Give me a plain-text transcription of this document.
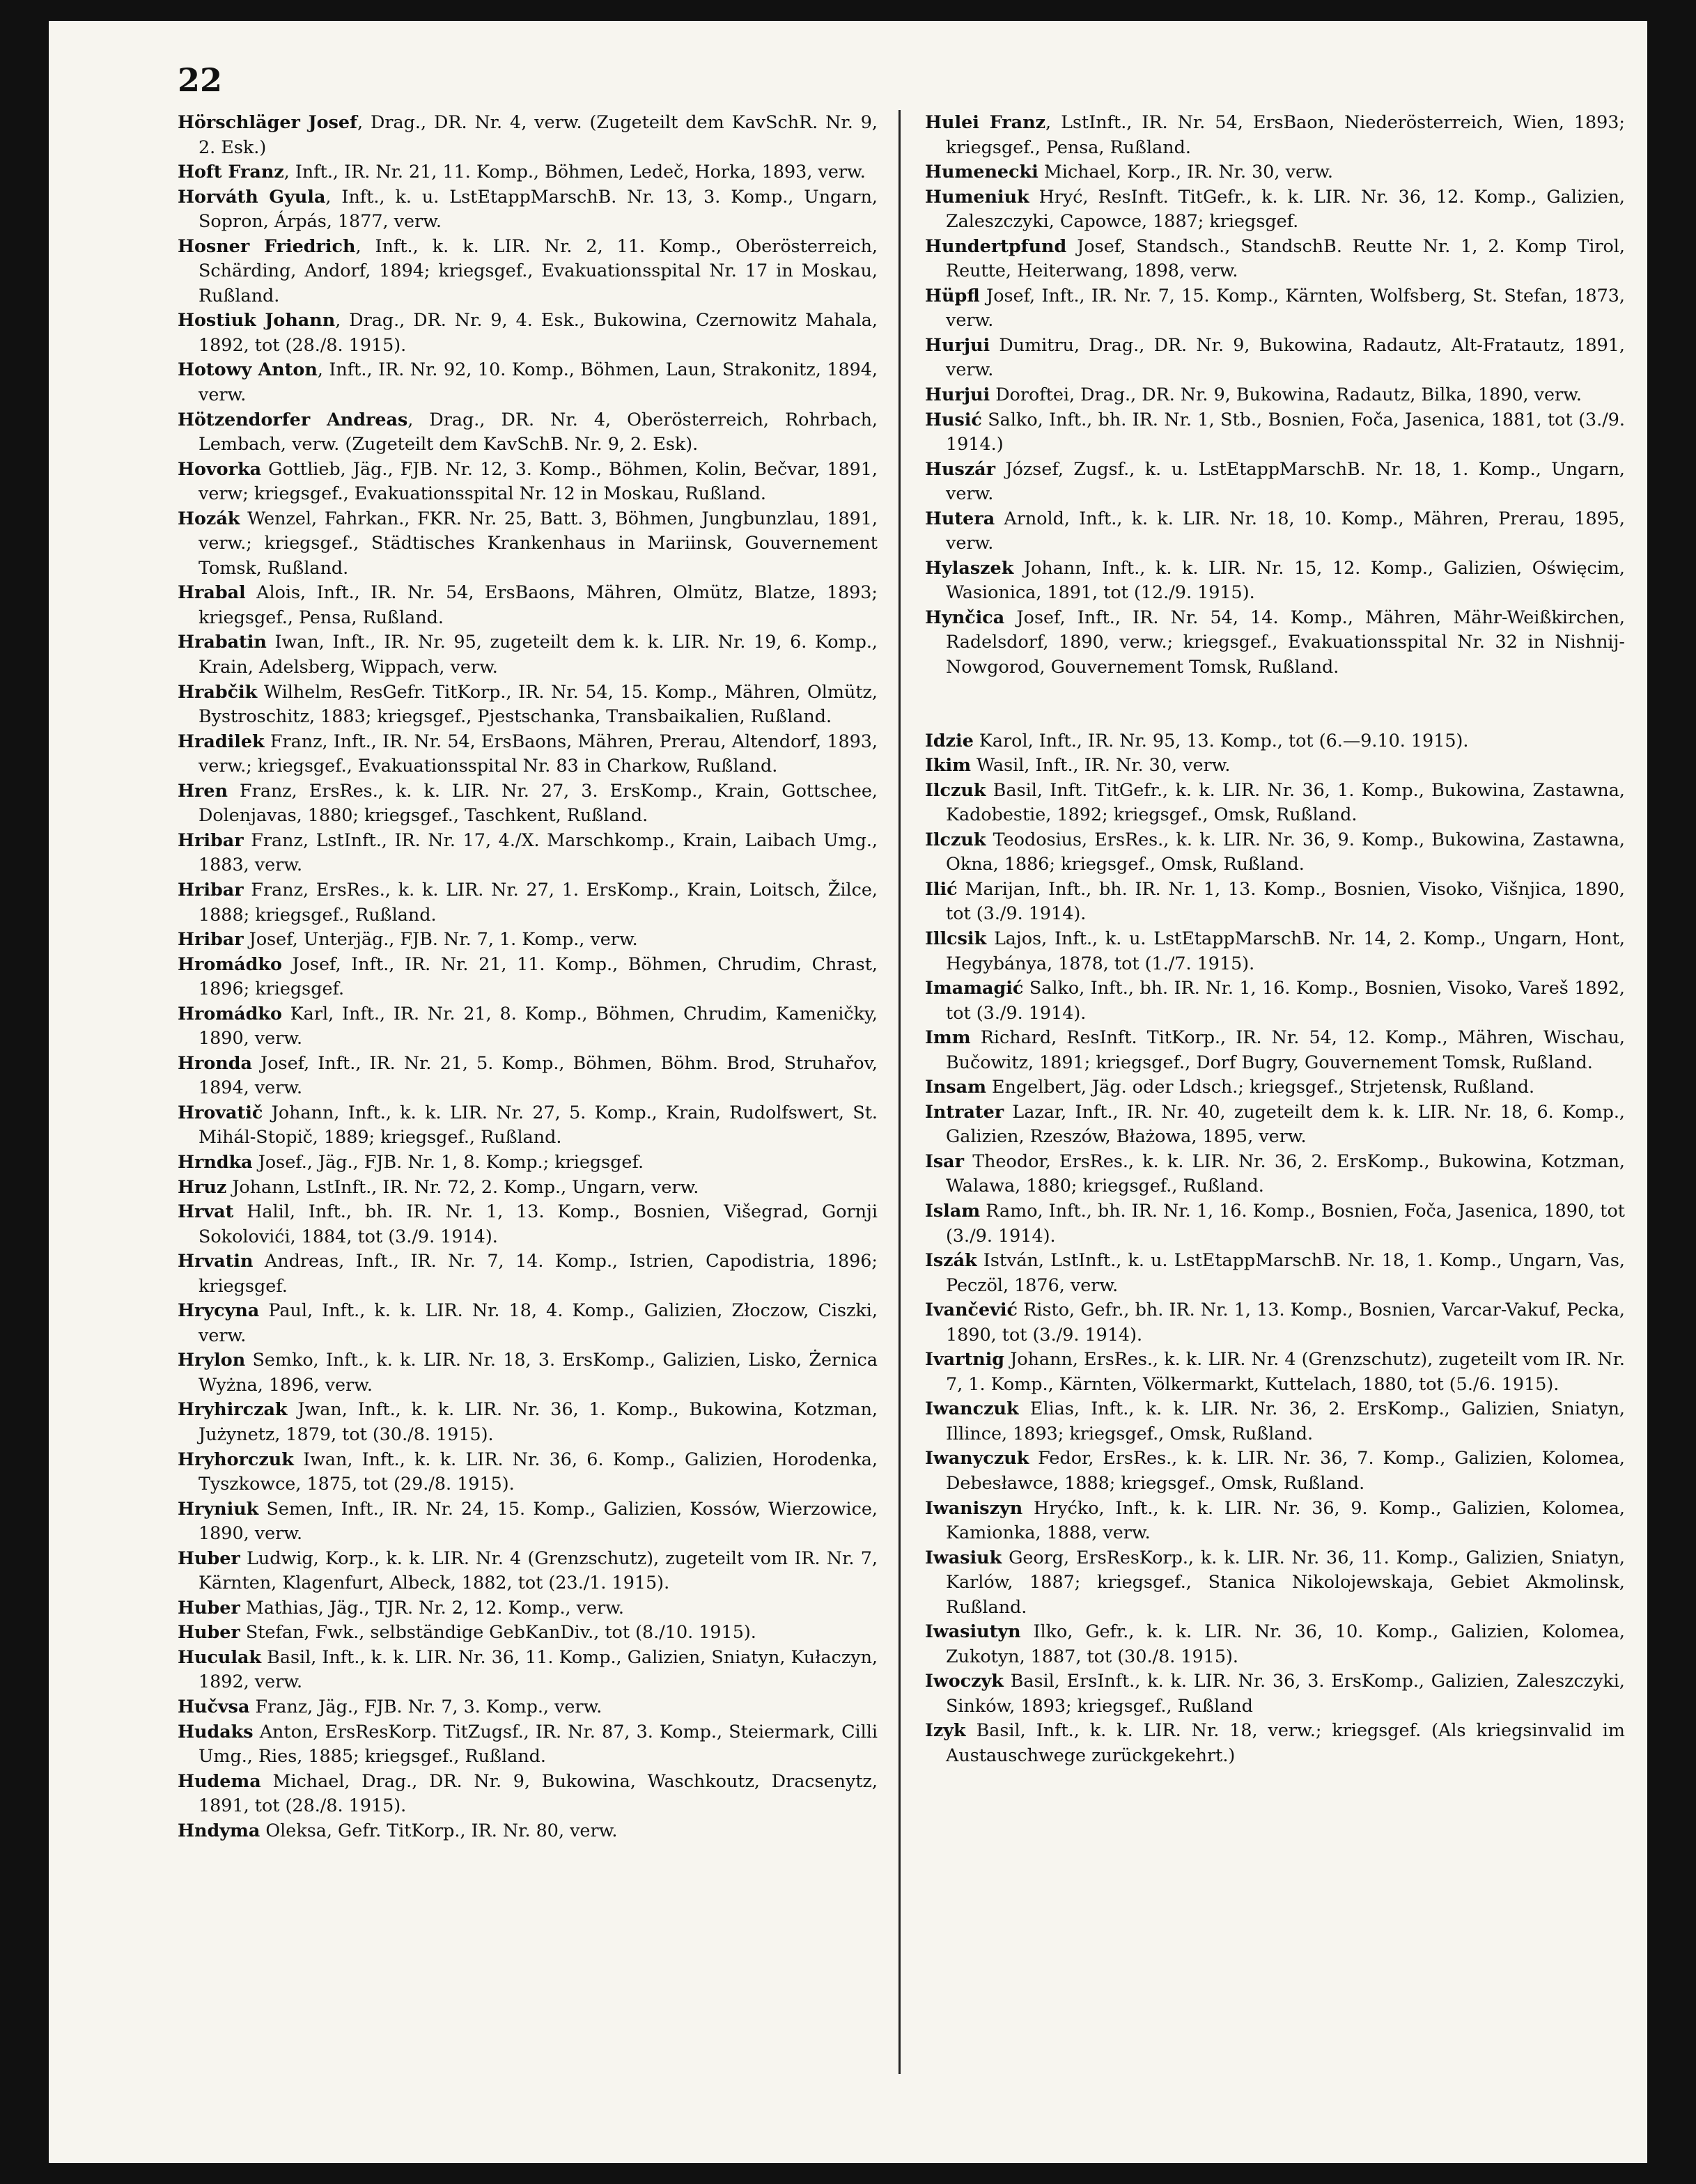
22
Hörschläger Josef, Drag., DR. Nr. 4, verw. (Zugeteilt dem KavSchR. Nr. 9, 2. Esk.)
Hoft Franz, Inft., IR. Nr. 21, 11. Komp., Böhmen, Ledeč, Horka, 1893, verw.
Horváth Gyula, Inft., k. u. LstEtappMarschB. Nr. 13, 3. Komp., Ungarn, Sopron, Árpás, 1877, verw.
Hosner Friedrich, Inft., k. k. LIR. Nr. 2, 11. Komp., Oberösterreich, Schärding, Andorf, 1894; kriegsgef., Evakuationsspital Nr. 17 in Moskau, Rußland.
Hostiuk Johann, Drag., DR. Nr. 9, 4. Esk., Bukowina, Czernowitz Mahala, 1892, tot (28./8. 1915).
Hotowy Anton, Inft., IR. Nr. 92, 10. Komp., Böhmen, Laun, Strakonitz, 1894, verw.
Hötzendorfer Andreas, Drag., DR. Nr. 4, Oberösterreich, Rohrbach, Lembach, verw. (Zugeteilt dem KavSchB. Nr. 9, 2. Esk).
Hovorka Gottlieb, Jäg., FJB. Nr. 12, 3. Komp., Böhmen, Kolin, Bečvar, 1891, verw; kriegsgef., Evakuationsspital Nr. 12 in Moskau, Rußland.
Hozák Wenzel, Fahrkan., FKR. Nr. 25, Batt. 3, Böhmen, Jungbunzlau, 1891, verw.; kriegsgef., Städtisches Krankenhaus in Mariinsk, Gouvernement Tomsk, Rußland.
Hrabal Alois, Inft., IR. Nr. 54, ErsBaons, Mähren, Olmütz, Blatze, 1893; kriegsgef., Pensa, Rußland.
Hrabatin Iwan, Inft., IR. Nr. 95, zugeteilt dem k. k. LIR. Nr. 19, 6. Komp., Krain, Adelsberg, Wippach, verw.
Hrabčik Wilhelm, ResGefr. TitKorp., IR. Nr. 54, 15. Komp., Mähren, Olmütz, Bystroschitz, 1883; kriegsgef., Pjestschanka, Transbaikalien, Rußland.
Hradilek Franz, Inft., IR. Nr. 54, ErsBaons, Mähren, Prerau, Altendorf, 1893, verw.; kriegsgef., Evakuationsspital Nr. 83 in Charkow, Rußland.
Hren Franz, ErsRes., k. k. LIR. Nr. 27, 3. ErsKomp., Krain, Gottschee, Dolenjavas, 1880; kriegsgef., Taschkent, Rußland.
Hribar Franz, LstInft., IR. Nr. 17, 4./X. Marschkomp., Krain, Laibach Umg., 1883, verw.
Hribar Franz, ErsRes., k. k. LIR. Nr. 27, 1. ErsKomp., Krain, Loitsch, Žilce, 1888; kriegsgef., Rußland.
Hribar Josef, Unterjäg., FJB. Nr. 7, 1. Komp., verw.
Hromádko Josef, Inft., IR. Nr. 21, 11. Komp., Böhmen, Chrudim, Chrast, 1896; kriegsgef.
Hromádko Karl, Inft., IR. Nr. 21, 8. Komp., Böhmen, Chrudim, Kameničky, 1890, verw.
Hronda Josef, Inft., IR. Nr. 21, 5. Komp., Böhmen, Böhm. Brod, Struhařov, 1894, verw.
Hrovatič Johann, Inft., k. k. LIR. Nr. 27, 5. Komp., Krain, Rudolfswert, St. Mihál-Stopič, 1889; kriegsgef., Rußland.
Hrndka Josef., Jäg., FJB. Nr. 1, 8. Komp.; kriegsgef.
Hruz Johann, LstInft., IR. Nr. 72, 2. Komp., Ungarn, verw.
Hrvat Halil, Inft., bh. IR. Nr. 1, 13. Komp., Bosnien, Višegrad, Gornji Sokolovići, 1884, tot (3./9. 1914).
Hrvatin Andreas, Inft., IR. Nr. 7, 14. Komp., Istrien, Capodistria, 1896; kriegsgef.
Hrycyna Paul, Inft., k. k. LIR. Nr. 18, 4. Komp., Galizien, Złoczow, Ciszki, verw.
Hrylon Semko, Inft., k. k. LIR. Nr. 18, 3. ErsKomp., Galizien, Lisko, Żernica Wyżna, 1896, verw.
Hryhirczak Jwan, Inft., k. k. LIR. Nr. 36, 1. Komp., Bukowina, Kotzman, Jużynetz, 1879, tot (30./8. 1915).
Hryhorczuk Iwan, Inft., k. k. LIR. Nr. 36, 6. Komp., Galizien, Horodenka, Tyszkowce, 1875, tot (29./8. 1915).
Hryniuk Semen, Inft., IR. Nr. 24, 15. Komp., Galizien, Kossów, Wierzowice, 1890, verw.
Huber Ludwig, Korp., k. k. LIR. Nr. 4 (Grenzschutz), zugeteilt vom IR. Nr. 7, Kärnten, Klagenfurt, Albeck, 1882, tot (23./1. 1915).
Huber Mathias, Jäg., TJR. Nr. 2, 12. Komp., verw.
Huber Stefan, Fwk., selbständige GebKanDiv., tot (8./10. 1915).
Huculak Basil, Inft., k. k. LIR. Nr. 36, 11. Komp., Galizien, Sniatyn, Kułaczyn, 1892, verw.
Hučvsa Franz, Jäg., FJB. Nr. 7, 3. Komp., verw.
Hudaks Anton, ErsResKorp. TitZugsf., IR. Nr. 87, 3. Komp., Steiermark, Cilli Umg., Ries, 1885; kriegsgef., Rußland.
Hudema Michael, Drag., DR. Nr. 9, Bukowina, Waschkoutz, Dracsenytz, 1891, tot (28./8. 1915).
Hndyma Oleksa, Gefr. TitKorp., IR. Nr. 80, verw.
Hulei Franz, LstInft., IR. Nr. 54, ErsBaon, Niederösterreich, Wien, 1893; kriegsgef., Pensa, Rußland.
Humenecki Michael, Korp., IR. Nr. 30, verw.
Humeniuk Hryć, ResInft. TitGefr., k. k. LIR. Nr. 36, 12. Komp., Galizien, Zaleszczyki, Capowce, 1887; kriegsgef.
Hundertpfund Josef, Standsch., StandschB. Reutte Nr. 1, 2. Komp Tirol, Reutte, Heiterwang, 1898, verw.
Hüpfl Josef, Inft., IR. Nr. 7, 15. Komp., Kärnten, Wolfsberg, St. Stefan, 1873, verw.
Hurjui Dumitru, Drag., DR. Nr. 9, Bukowina, Radautz, Alt-Fratautz, 1891, verw.
Hurjui Doroftei, Drag., DR. Nr. 9, Bukowina, Radautz, Bilka, 1890, verw.
Husić Salko, Inft., bh. IR. Nr. 1, Stb., Bosnien, Foča, Jasenica, 1881, tot (3./9. 1914.)
Huszár József, Zugsf., k. u. LstEtappMarschB. Nr. 18, 1. Komp., Ungarn, verw.
Hutera Arnold, Inft., k. k. LIR. Nr. 18, 10. Komp., Mähren, Prerau, 1895, verw.
Hylaszek Johann, Inft., k. k. LIR. Nr. 15, 12. Komp., Galizien, Oświęcim, Wasionica, 1891, tot (12./9. 1915).
Hynčica Josef, Inft., IR. Nr. 54, 14. Komp., Mähren, Mähr-Weißkirchen, Radelsdorf, 1890, verw.; kriegsgef., Evakuationsspital Nr. 32 in Nishnij-Nowgorod, Gouvernement Tomsk, Rußland.
Idzie Karol, Inft., IR. Nr. 95, 13. Komp., tot (6.—9.10. 1915).
Ikim Wasil, Inft., IR. Nr. 30, verw.
Ilczuk Basil, Inft. TitGefr., k. k. LIR. Nr. 36, 1. Komp., Bukowina, Zastawna, Kadobestie, 1892; kriegsgef., Omsk, Rußland.
Ilczuk Teodosius, ErsRes., k. k. LIR. Nr. 36, 9. Komp., Bukowina, Zastawna, Okna, 1886; kriegsgef., Omsk, Rußland.
Ilić Marijan, Inft., bh. IR. Nr. 1, 13. Komp., Bosnien, Visoko, Višnjica, 1890, tot (3./9. 1914).
Illcsik Lajos, Inft., k. u. LstEtappMarschB. Nr. 14, 2. Komp., Ungarn, Hont, Hegybánya, 1878, tot (1./7. 1915).
Imamagić Salko, Inft., bh. IR. Nr. 1, 16. Komp., Bosnien, Visoko, Vareš 1892, tot (3./9. 1914).
Imm Richard, ResInft. TitKorp., IR. Nr. 54, 12. Komp., Mähren, Wischau, Bučowitz, 1891; kriegsgef., Dorf Bugry, Gouvernement Tomsk, Rußland.
Insam Engelbert, Jäg. oder Ldsch.; kriegsgef., Strjetensk, Rußland.
Intrater Lazar, Inft., IR. Nr. 40, zugeteilt dem k. k. LIR. Nr. 18, 6. Komp., Galizien, Rzeszów, Błażowa, 1895, verw.
Isar Theodor, ErsRes., k. k. LIR. Nr. 36, 2. ErsKomp., Bukowina, Kotzman, Walawa, 1880; kriegsgef., Rußland.
Islam Ramo, Inft., bh. IR. Nr. 1, 16. Komp., Bosnien, Foča, Jasenica, 1890, tot (3./9. 1914).
Iszák István, LstInft., k. u. LstEtappMarschB. Nr. 18, 1. Komp., Ungarn, Vas, Peczöl, 1876, verw.
Ivančević Risto, Gefr., bh. IR. Nr. 1, 13. Komp., Bosnien, Varcar-Vakuf, Pecka, 1890, tot (3./9. 1914).
Ivartnig Johann, ErsRes., k. k. LIR. Nr. 4 (Grenzschutz), zugeteilt vom IR. Nr. 7, 1. Komp., Kärnten, Völkermarkt, Kuttelach, 1880, tot (5./6. 1915).
Iwanczuk Elias, Inft., k. k. LIR. Nr. 36, 2. ErsKomp., Galizien, Sniatyn, Illince, 1893; kriegsgef., Omsk, Rußland.
Iwanyczuk Fedor, ErsRes., k. k. LIR. Nr. 36, 7. Komp., Galizien, Kolomea, Debesławce, 1888; kriegsgef., Omsk, Rußland.
Iwaniszyn Hryćko, Inft., k. k. LIR. Nr. 36, 9. Komp., Galizien, Kolomea, Kamionka, 1888, verw.
Iwasiuk Georg, ErsResKorp., k. k. LIR. Nr. 36, 11. Komp., Galizien, Sniatyn, Karlów, 1887; kriegsgef., Stanica Nikolojewskaja, Gebiet Akmolinsk, Rußland.
Iwasiutyn Ilko, Gefr., k. k. LIR. Nr. 36, 10. Komp., Galizien, Kolomea, Zukotyn, 1887, tot (30./8. 1915).
Iwoczyk Basil, ErsInft., k. k. LIR. Nr. 36, 3. ErsKomp., Galizien, Zaleszczyki, Sinków, 1893; kriegsgef., Rußland
Izyk Basil, Inft., k. k. LIR. Nr. 18, verw.; kriegsgef. (Als kriegsinvalid im Austauschwege zurückgekehrt.)
